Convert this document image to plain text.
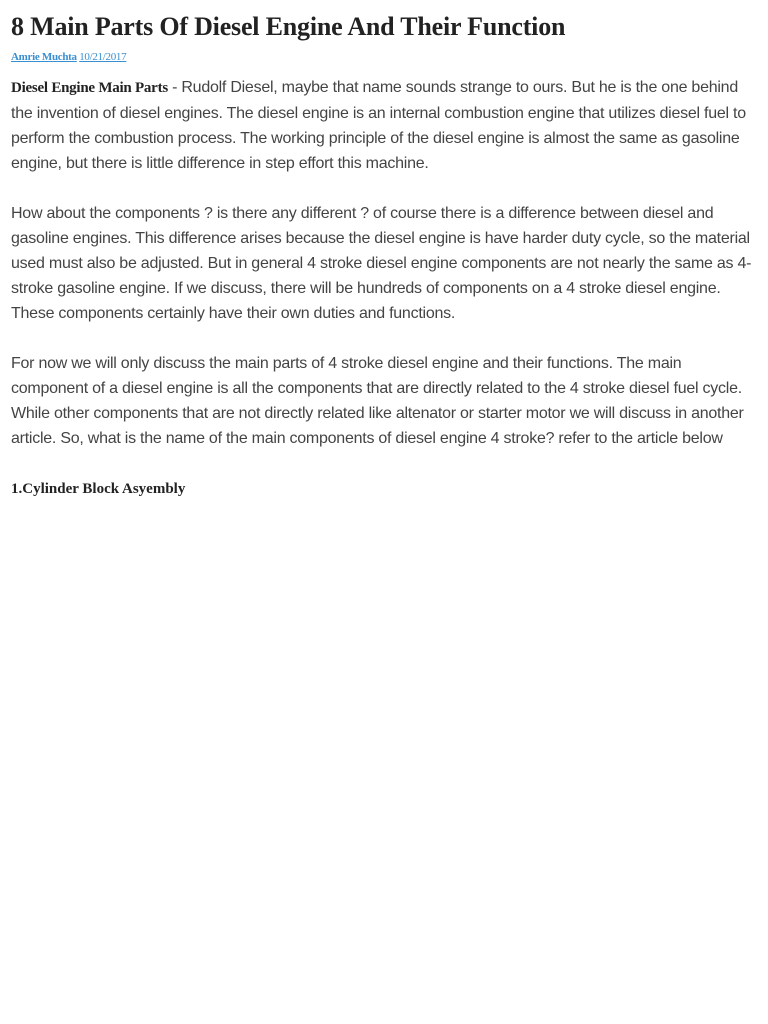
8 Main Parts Of Diesel Engine And Their Function
Amrie Muchta 10/21/2017

Diesel Engine Main Parts - Rudolf Diesel, maybe that name sounds strange to ours. But he is the one behind the invention of diesel engines. The diesel engine is an internal combustion engine that utilizes diesel fuel to perform the combustion process. The working principle of the diesel engine is almost the same as gasoline engine, but there is little difference in step effort this machine.

How about the components ? is there any different ? of course there is a difference between diesel and gasoline engines. This difference arises because the diesel engine is have harder duty cycle, so the material used must also be adjusted. But in general 4 stroke diesel engine components are not nearly the same as 4-stroke gasoline engine. If we discuss, there will be hundreds of components on a 4 stroke diesel engine. These components certainly have their own duties and functions.

For now we will only discuss the main parts of 4 stroke diesel engine and their functions. The main component of a diesel engine is all the components that are directly related to the 4 stroke diesel fuel cycle. While other components that are not directly related like altenator or starter motor we will discuss in another article. So, what is the name of the main components of diesel engine 4 stroke? refer to the article below

1.Cylinder Block Asyembly
